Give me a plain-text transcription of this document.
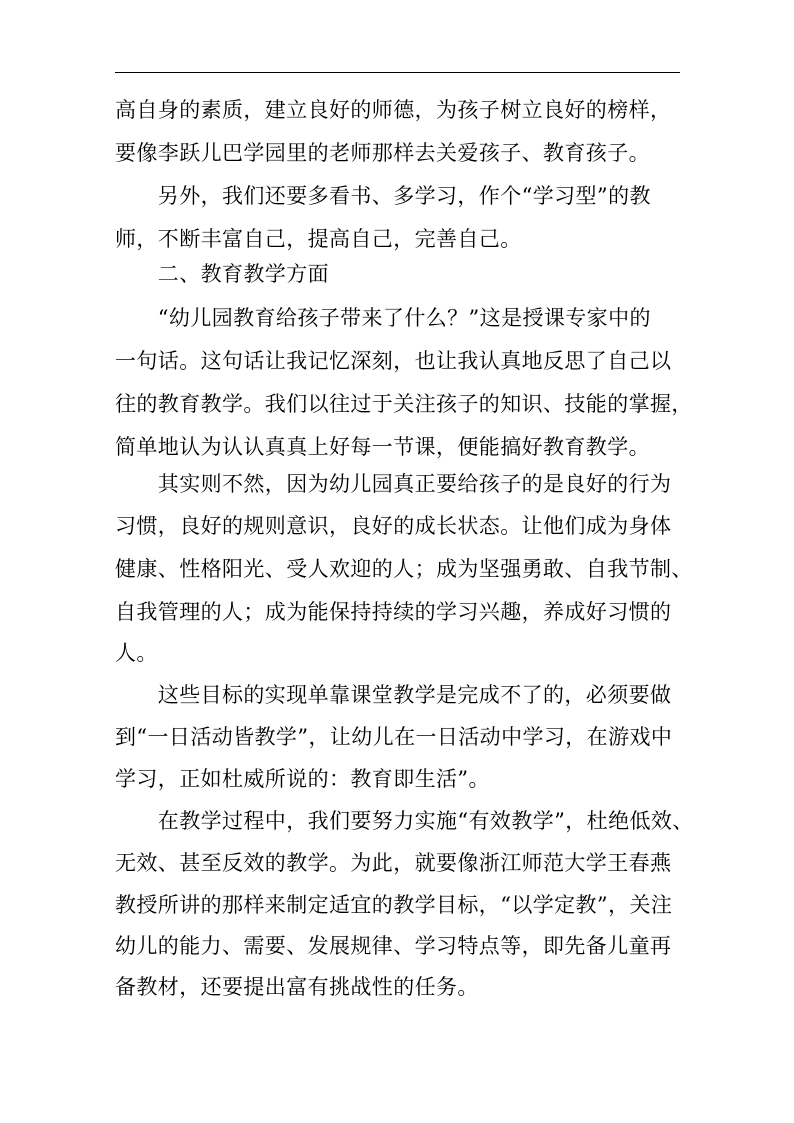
高自身的素质，建立良好的师德，为孩子树立良好的榜样，
要像李跃儿巴学园里的老师那样去关爱孩子、教育孩子。
　　另外，我们还要多看书、多学习，作个“学习型”的教
师，不断丰富自己，提高自己，完善自己。
　　二、教育教学方面
　　“幼儿园教育给孩子带来了什么？”这是授课专家中的
一句话。这句话让我记忆深刻，也让我认真地反思了自己以
往的教育教学。我们以往过于关注孩子的知识、技能的掌握，
简单地认为认认真真上好每一节课，便能搞好教育教学。
　　其实则不然，因为幼儿园真正要给孩子的是良好的行为
习惯，良好的规则意识，良好的成长状态。让他们成为身体
健康、性格阳光、受人欢迎的人；成为坚强勇敢、自我节制、
自我管理的人；成为能保持持续的学习兴趣，养成好习惯的
人。
　　这些目标的实现单靠课堂教学是完成不了的，必须要做
到“一日活动皆教学”，让幼儿在一日活动中学习，在游戏中
学习，正如杜威所说的：教育即生活”。
　　在教学过程中，我们要努力实施“有效教学”，杜绝低效、
无效、甚至反效的教学。为此，就要像浙江师范大学王春燕
教授所讲的那样来制定适宜的教学目标，“以学定教”，关注
幼儿的能力、需要、发展规律、学习特点等，即先备儿童再
备教材，还要提出富有挑战性的任务。
